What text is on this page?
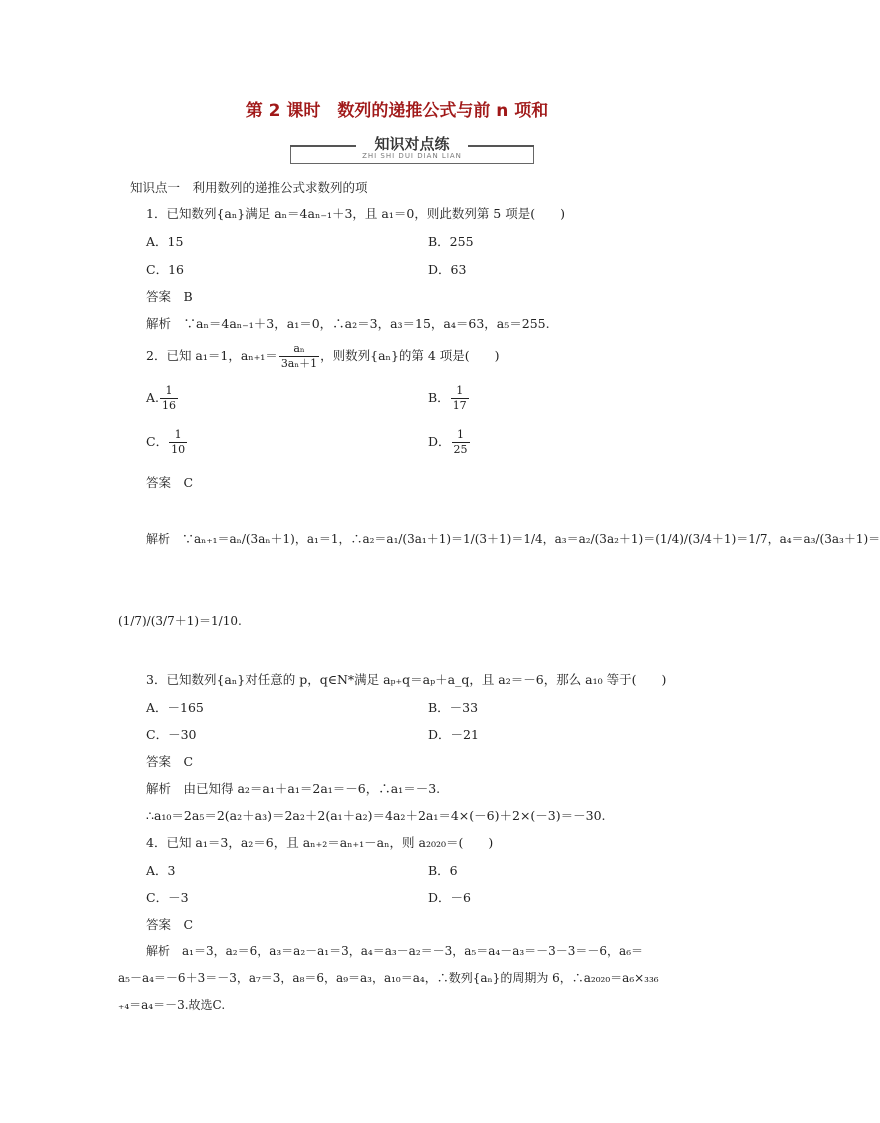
第 2 课时　数列的递推公式与前 n 项和
知识对点练
ZHI SHI DUI DIAN LIAN
知识点一　利用数列的递推公式求数列的项
1．已知数列{aₙ}满足 aₙ＝4aₙ₋₁＋3，且 a₁＝0，则此数列第 5 项是(　　)
A．15	B．255
C．16	D．63
答案　B
解析　∵aₙ＝4aₙ₋₁＋3，a₁＝0，∴a₂＝3，a₃＝15，a₄＝63，a₅＝255.
2．已知 a₁＝1，$a_{n+1}= \frac{\text{aₙ}}{\text{3aₙ＋1}}$ ，则数列{aₙ}的第 4 项是(　　)
A. $\frac{1}{16}$	B． $\frac{1}{17}$
C． $\frac{1}{10}$	D． $\frac{1}{25}$
答案　C
解析　∵aₙ₊₁＝aₙ/(3aₙ＋1)，a₁＝1，∴a₂＝a₁/(3a₁＋1)＝1/(3＋1)＝1/4，a₃＝a₂/(3a₂＋1)＝(1/4)/(3/4＋1)＝1/7，a₄＝a₃/(3a₃＋1)＝
(1/7)/(3/7＋1)＝1/10.
3．已知数列{aₙ}对任意的 p，q∈N*满足 aₚ₊q＝aₚ＋a_q，且 a₂＝－6，那么 a₁₀ 等于(　　)
A．－165	B．－33
C．－30	D．－21
答案　C
解析　由已知得 a₂＝a₁＋a₁＝2a₁＝－6，∴a₁＝－3.
∴a₁₀＝2a₅＝2(a₂＋a₃)＝2a₂＋2(a₁＋a₂)＝4a₂＋2a₁＝4×(－6)＋2×(－3)＝－30.
4．已知 a₁＝3，a₂＝6，且 aₙ₊₂＝aₙ₊₁－aₙ，则 a₂₀₂₀＝(　　)
A．3	B．6
C．－3	D．－6
答案　C
解析　a₁＝3，a₂＝6，a₃＝a₂－a₁＝3，a₄＝a₃－a₂＝－3，a₅＝a₄－a₃＝－3－3＝－6，a₆＝
a₅－a₄＝－6＋3＝－3，a₇＝3，a₈＝6，a₉＝a₃，a₁₀＝a₄，∴数列{aₙ}的周期为 6，∴a₂₀₂₀＝a₆×₃₃₆
₊₄＝a₄＝－3.故选C.
